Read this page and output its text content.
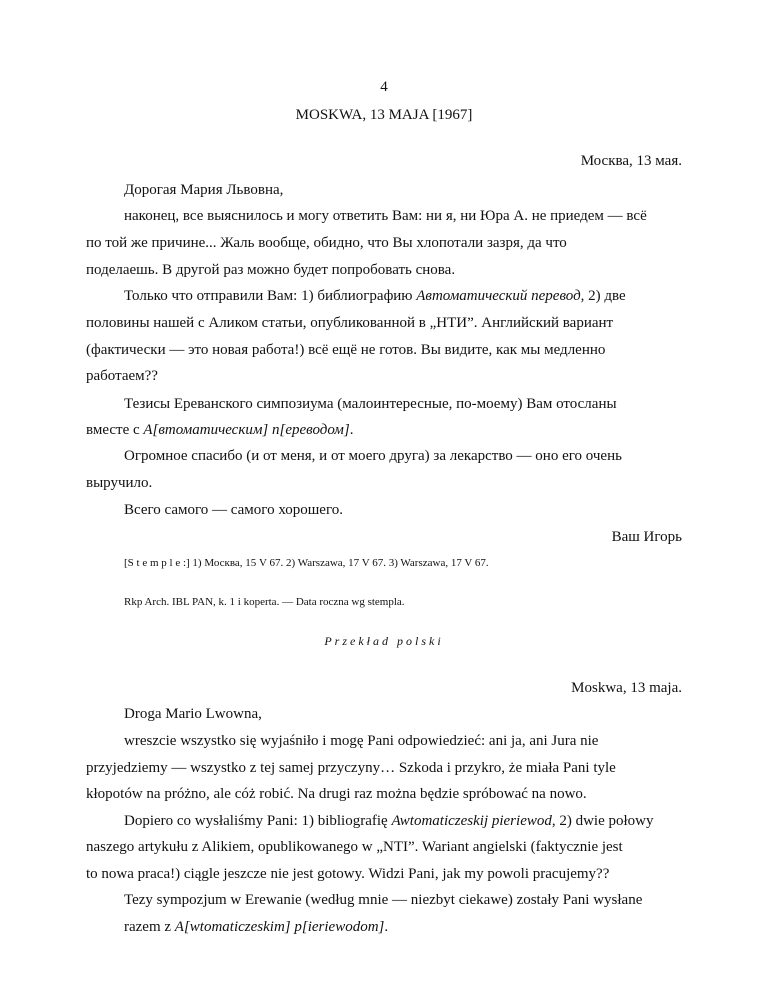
4
MOSKWA, 13 MAJA [1967]
Москва, 13 мая.
Дорогая Мария Львовна,
наконец, все выяснилось и могу ответить Вам: ни я, ни Юра А. не приедем — всё
по той же причине... Жаль вообще, обидно, что Вы хлопотали зазря, да что
поделаешь. В другой раз можно будет попробовать снова.
Только что отправили Вам: 1) библиографию Автоматический перевод, 2) две
половины нашей с Аликом статьи, опубликованной в „НТИ”. Английский вариант
(фактически — это новая работа!) всё ещё не готов. Вы видите, как мы медленно
работаем??
Тезисы Ереванского симпозиума (малоинтересные, по-моему) Вам отосланы
вместе с А[втоматическим] п[ереводом].
Огромное спасибо (и от меня, и от моего друга) за лекарство — оно его очень
выручило.
Всего самого — самого хорошего.
Ваш Игорь
[S t e m p l e :] 1) Москва, 15 V 67. 2) Warszawa, 17 V 67. 3) Warszawa, 17 V 67.
Rkp Arch. IBL PAN, k. 1 i koperta. — Data roczna wg stempla.
Przekład polski
Moskwa, 13 maja.
Droga Mario Lwowna,
wreszcie wszystko się wyjaśniło i mogę Pani odpowiedzieć: ani ja, ani Jura nie
przyjedziemy — wszystko z tej samej przyczyny… Szkoda i przykro, że miała Pani tyle
kłopotów na próżno, ale cóż robić. Na drugi raz można będzie spróbować na nowo.
Dopiero co wysłaliśmy Pani: 1) bibliografię Awtomaticzeskij pieriewod, 2) dwie połowy
naszego artykułu z Alikiem, opublikowanego w „NTI”. Wariant angielski (faktycznie jest
to nowa praca!) ciągle jeszcze nie jest gotowy. Widzi Pani, jak my powoli pracujemy??
Tezy sympozjum w Erewanie (według mnie — niezbyt ciekawe) zostały Pani wysłane
razem z A[wtomaticzeskim] p[ieriewodom].
